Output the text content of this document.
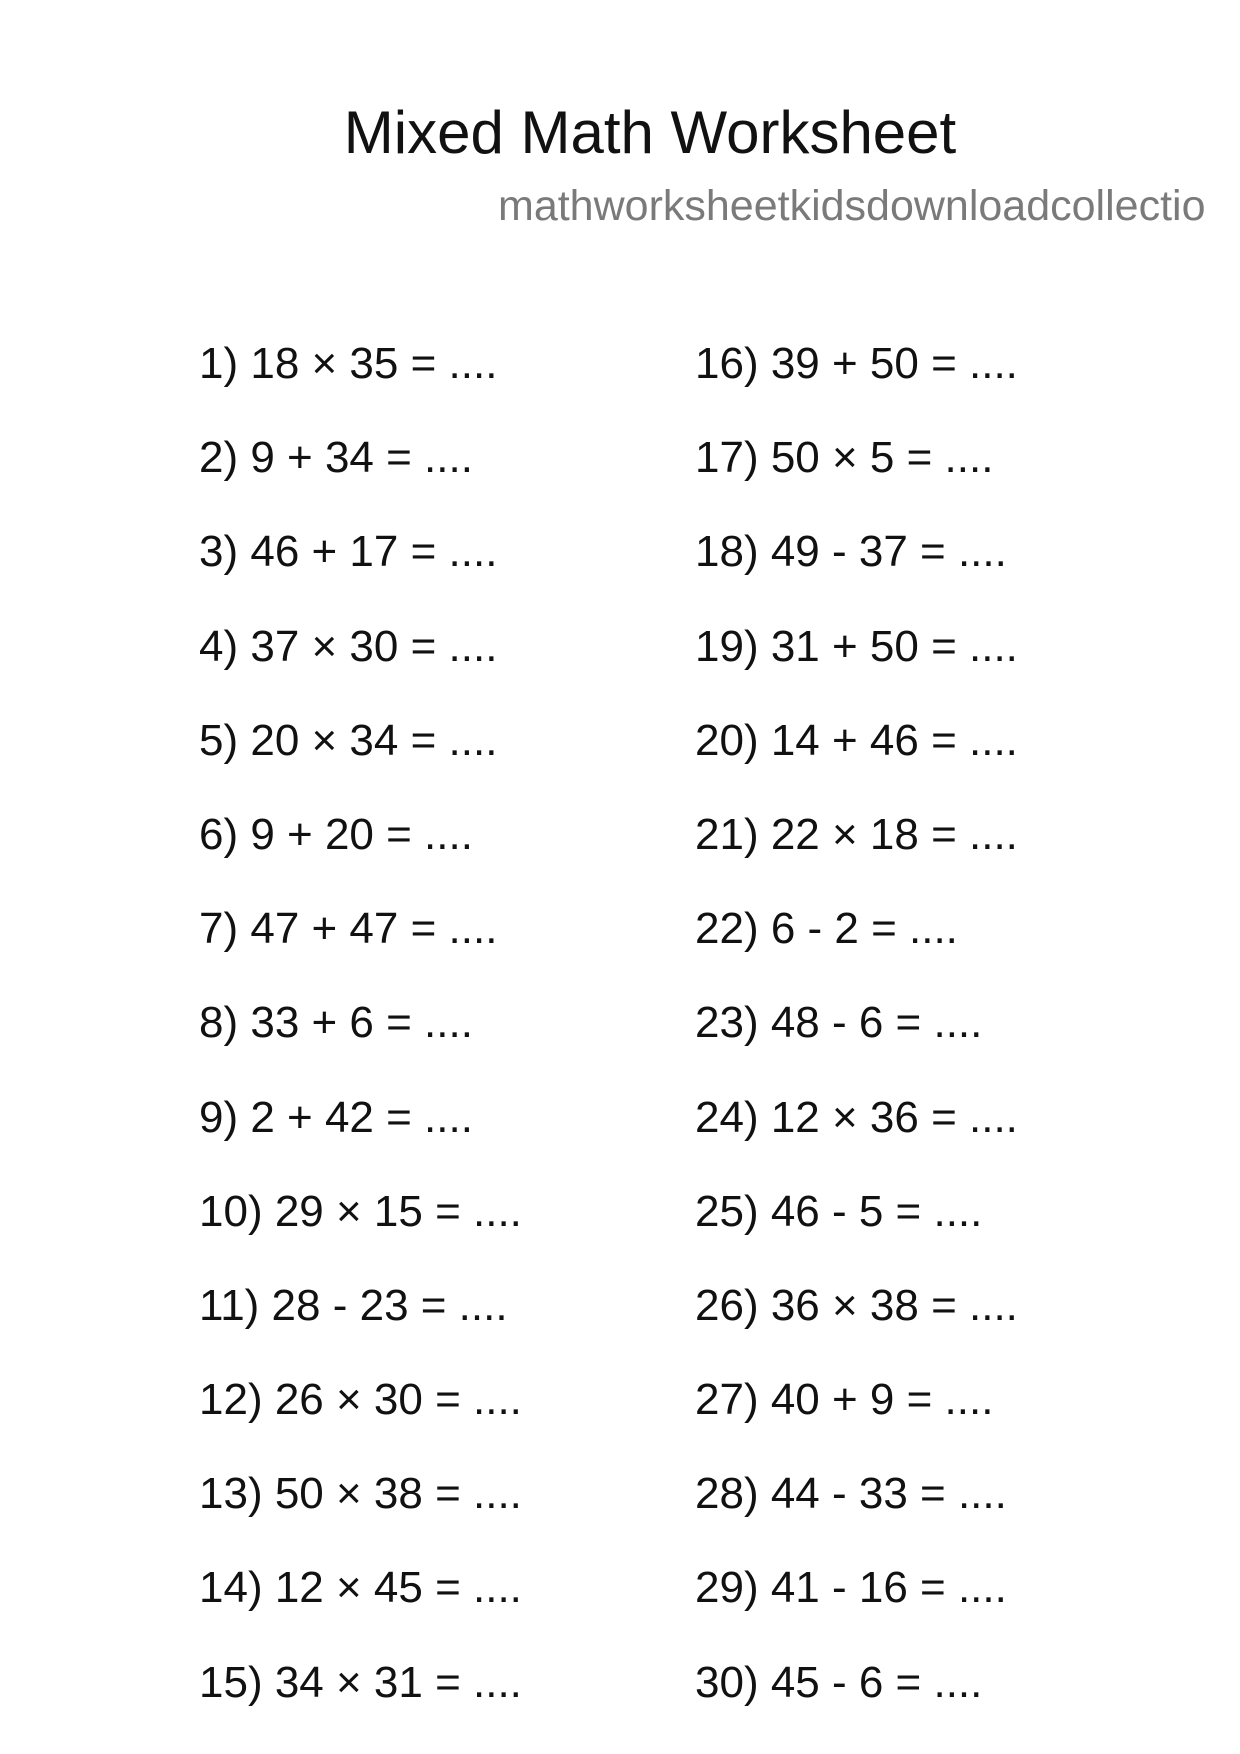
Mixed Math Worksheet
mathworksheetkidsdownloadcollectio
1) 18 × 35 = ....
2) 9 + 34 = ....
3) 46 + 17 = ....
4) 37 × 30 = ....
5) 20 × 34 = ....
6) 9 + 20 = ....
7) 47 + 47 = ....
8) 33 + 6 = ....
9) 2 + 42 = ....
10) 29 × 15 = ....
11) 28 - 23 = ....
12) 26 × 30 = ....
13) 50 × 38 = ....
14) 12 × 45 = ....
15) 34 × 31 = ....
16) 39 + 50 = ....
17) 50 × 5 = ....
18) 49 - 37 = ....
19) 31 + 50 = ....
20) 14 + 46 = ....
21) 22 × 18 = ....
22) 6 - 2 = ....
23) 48 - 6 = ....
24) 12 × 36 = ....
25) 46 - 5 = ....
26) 36 × 38 = ....
27) 40 + 9 = ....
28) 44 - 33 = ....
29) 41 - 16 = ....
30) 45 - 6 = ....
